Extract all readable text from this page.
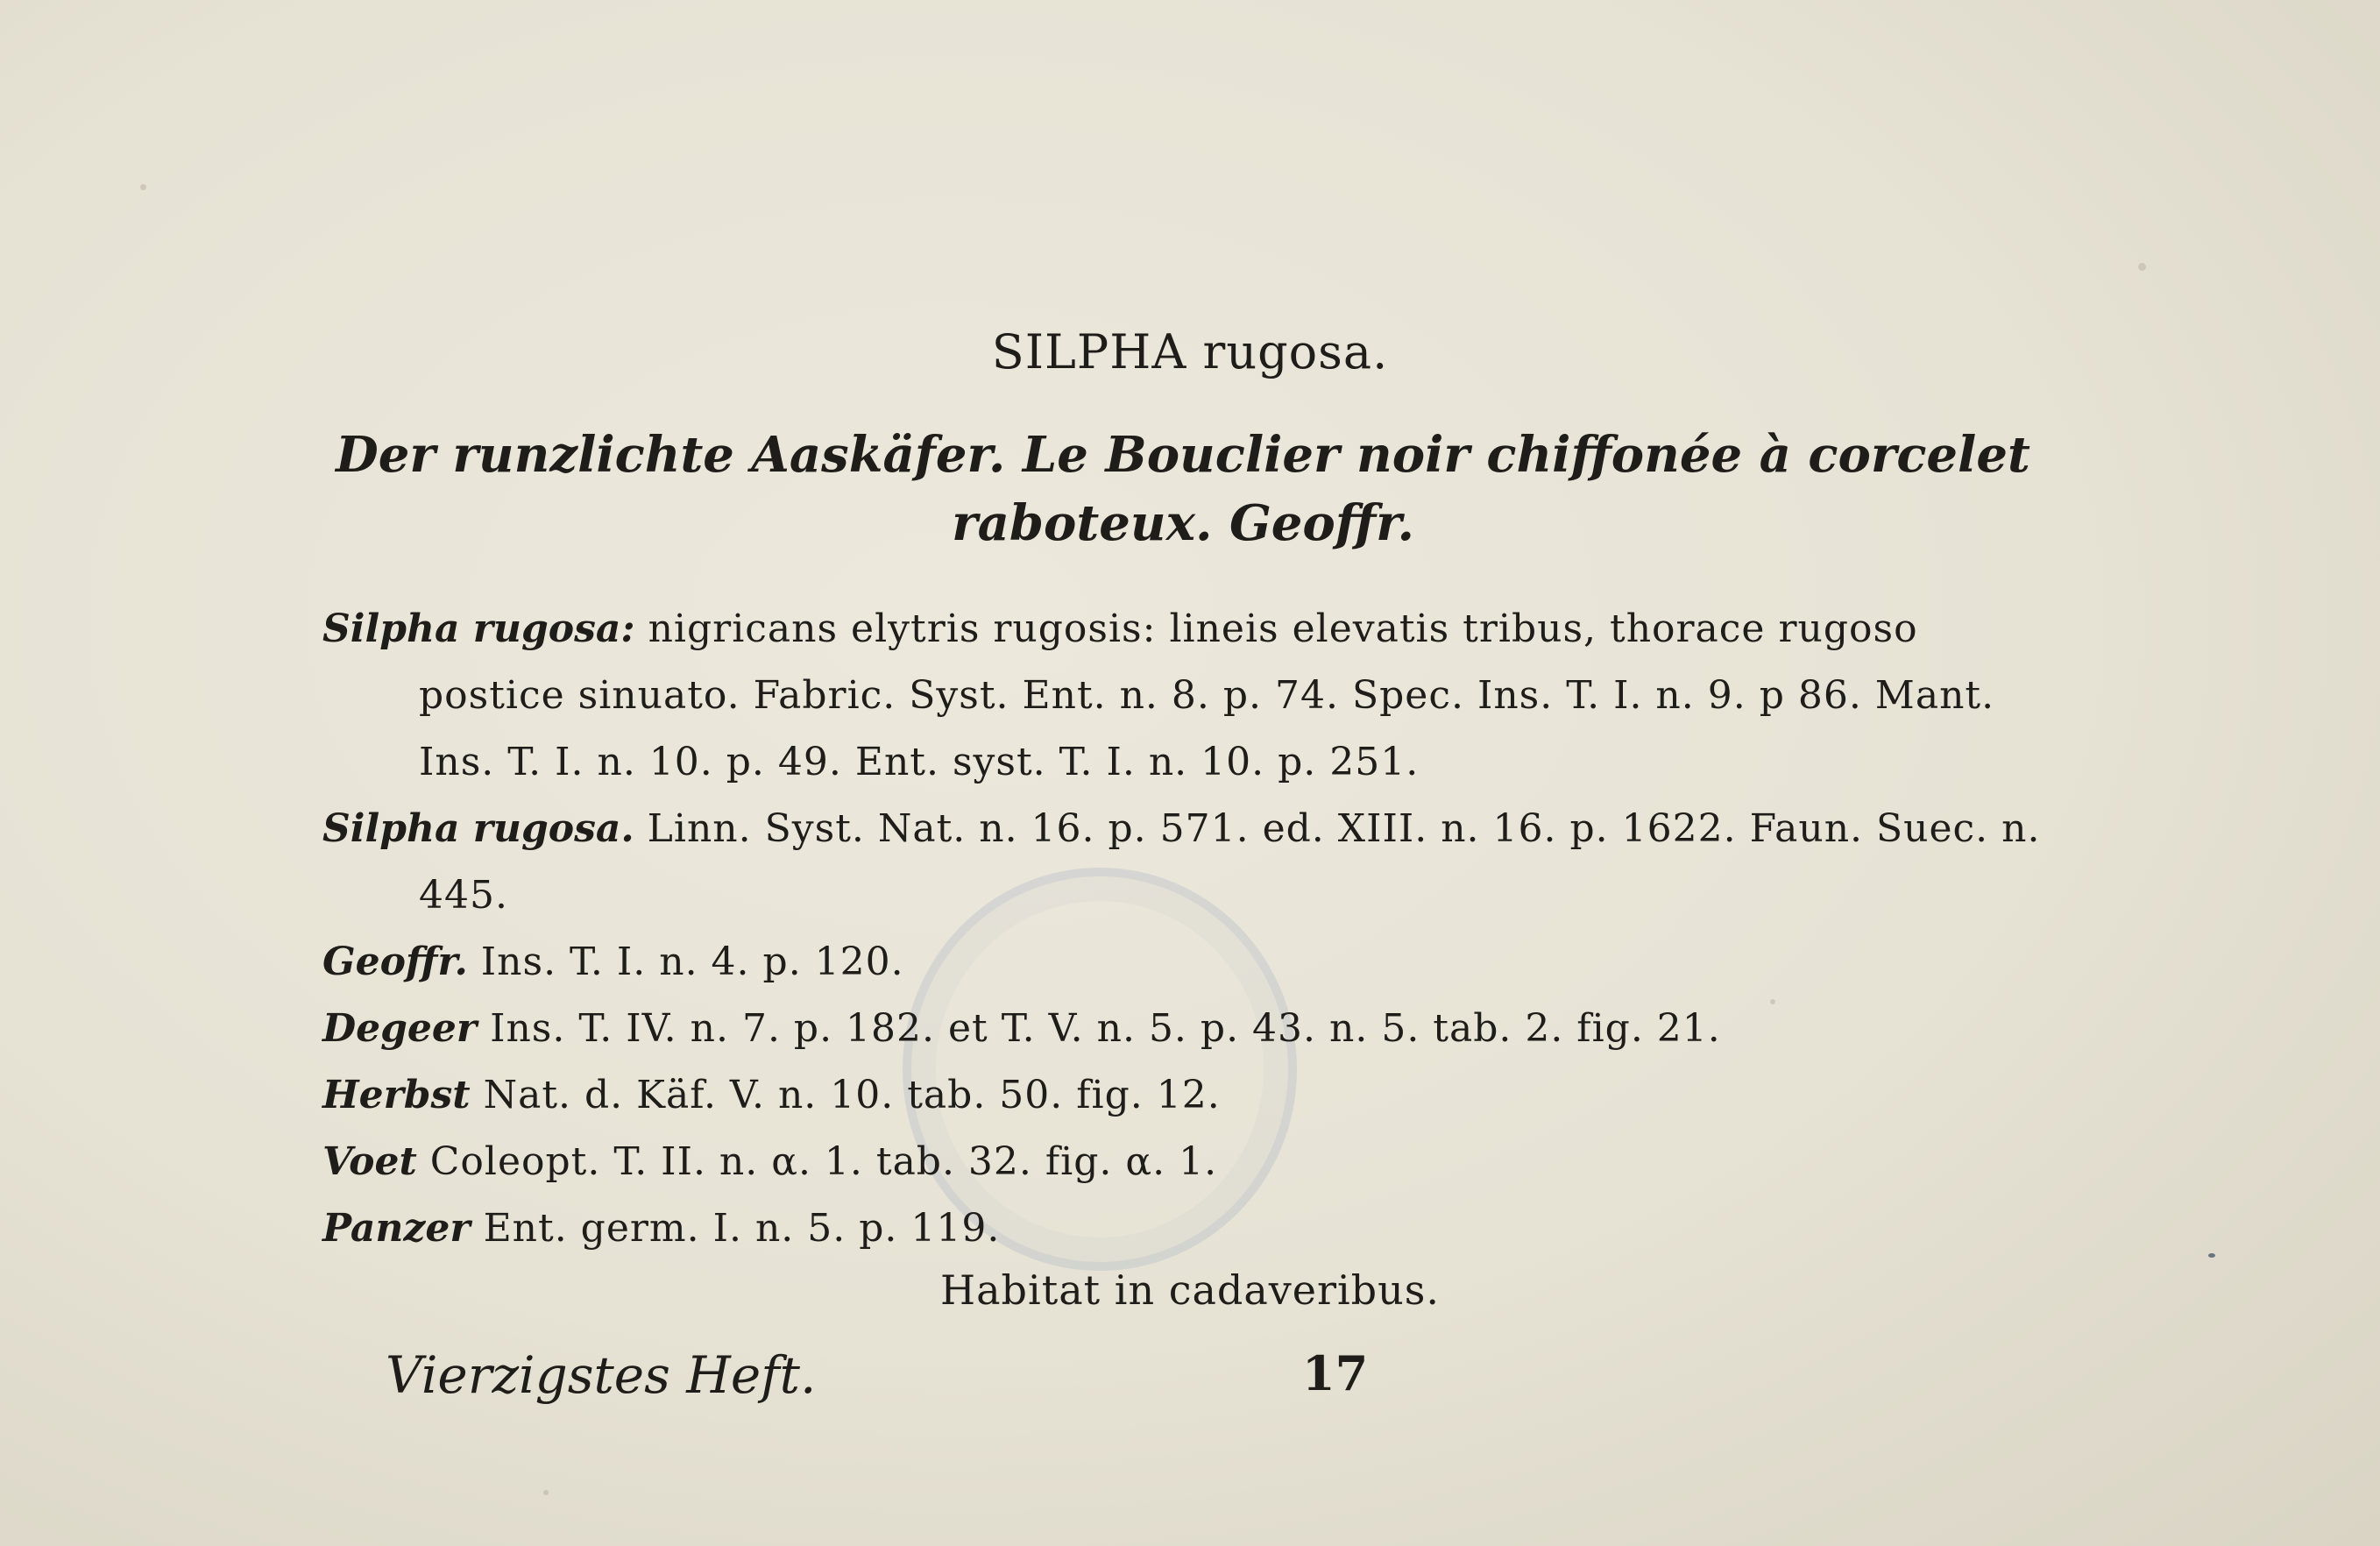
SILPHA rugosa.
Der runzlichte Aaskäfer. Le Bouclier noir chiffonée à corcelet
raboteux. Geoffr.

Silpha rugosa: nigricans elytris rugosis: lineis elevatis tribus, thorace rugoso postice sinuato. Fabric. Syst. Ent. n. 8. p. 74. Spec. Ins. T. I. n. 9. p 86. Mant. Ins. T. I. n. 10. p. 49. Ent. syst. T. I. n. 10. p. 251.

Silpha rugosa. Linn. Syst. Nat. n. 16. p. 571. ed. XIII. n. 16. p. 1622. Faun. Suec. n. 445.

Geoffr. Ins. T. I. n. 4. p. 120.

Degeer Ins. T. IV. n. 7. p. 182. et T. V. n. 5. p. 43. n. 5. tab. 2. fig. 21.

Herbst Nat. d. Käf. V. n. 10. tab. 50. fig. 12.

Voet Coleopt. T. II. n. α. 1. tab. 32. fig. α. 1.

Panzer Ent. germ. I. n. 5. p. 119.

Habitat in cadaveribus.
Vierzigstes Heft.	17
